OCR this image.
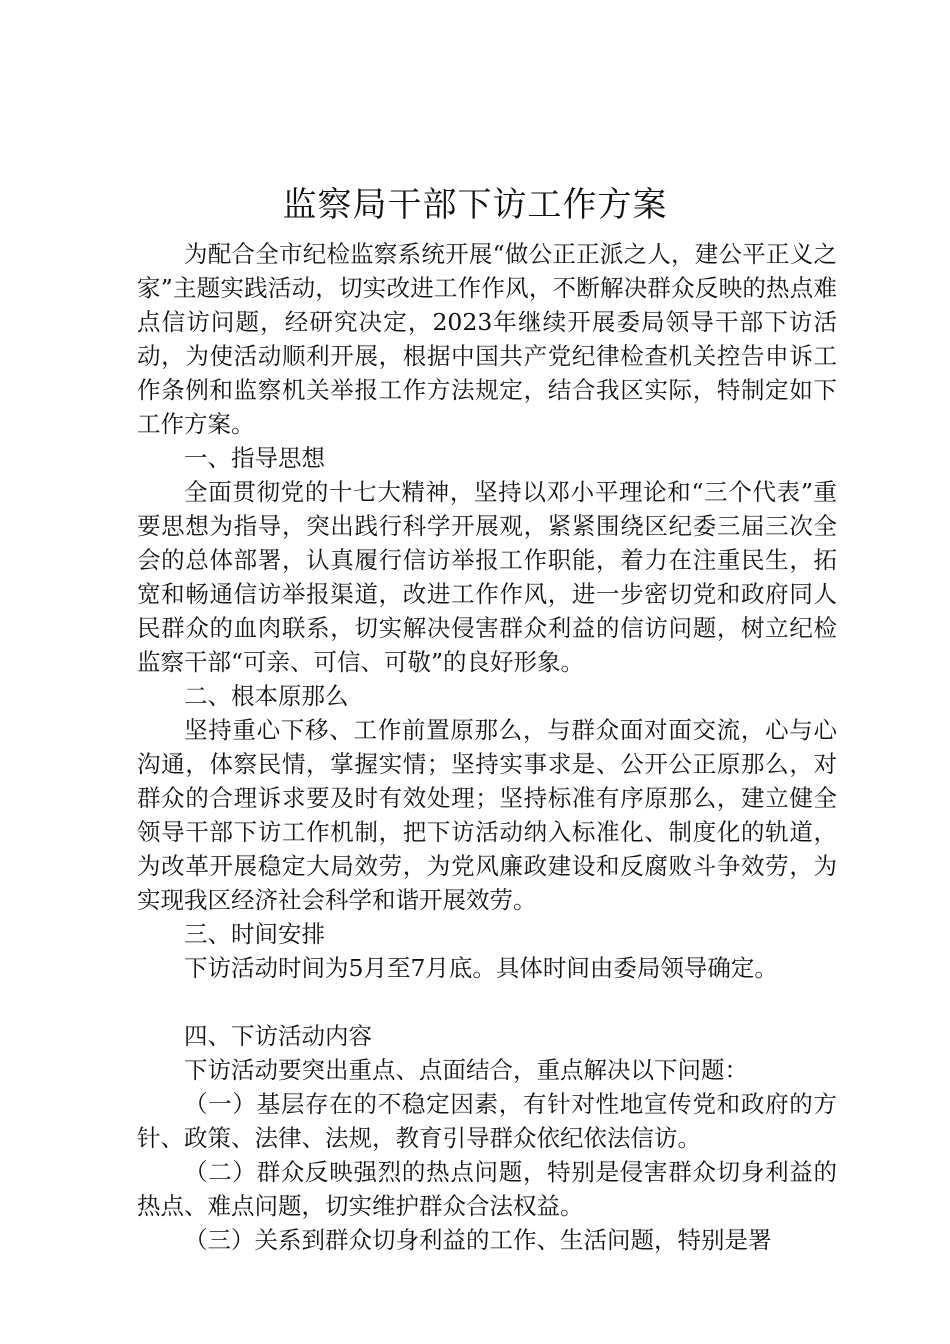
监察局干部下访工作方案

为配合全市纪检监察系统开展“做公正正派之人，建公平正义之家”主题实践活动，切实改进工作作风，不断解决群众反映的热点难点信访问题，经研究决定，2023年继续开展委局领导干部下访活动，为使活动顺利开展，根据中国共产党纪律检查机关控告申诉工作条例和监察机关举报工作方法规定，结合我区实际，特制定如下工作方案。

一、指导思想

全面贯彻党的十七大精神，坚持以邓小平理论和“三个代表”重要思想为指导，突出践行科学开展观，紧紧围绕区纪委三届三次全会的总体部署，认真履行信访举报工作职能，着力在注重民生，拓宽和畅通信访举报渠道，改进工作作风，进一步密切党和政府同人民群众的血肉联系，切实解决侵害群众利益的信访问题，树立纪检监察干部“可亲、可信、可敬”的良好形象。

二、根本原那么

坚持重心下移、工作前置原那么，与群众面对面交流，心与心沟通，体察民情，掌握实情；坚持实事求是、公开公正原那么，对群众的合理诉求要及时有效处理；坚持标准有序原那么，建立健全领导干部下访工作机制，把下访活动纳入标准化、制度化的轨道，为改革开展稳定大局效劳，为党风廉政建设和反腐败斗争效劳，为实现我区经济社会科学和谐开展效劳。

三、时间安排

下访活动时间为5月至7月底。具体时间由委局领导确定。

四、下访活动内容

下访活动要突出重点、点面结合，重点解决以下问题：

（一）基层存在的不稳定因素，有针对性地宣传党和政府的方针、政策、法律、法规，教育引导群众依纪依法信访。

（二）群众反映强烈的热点问题，特别是侵害群众切身利益的热点、难点问题，切实维护群众合法权益。

（三）关系到群众切身利益的工作、生活问题，特别是署
